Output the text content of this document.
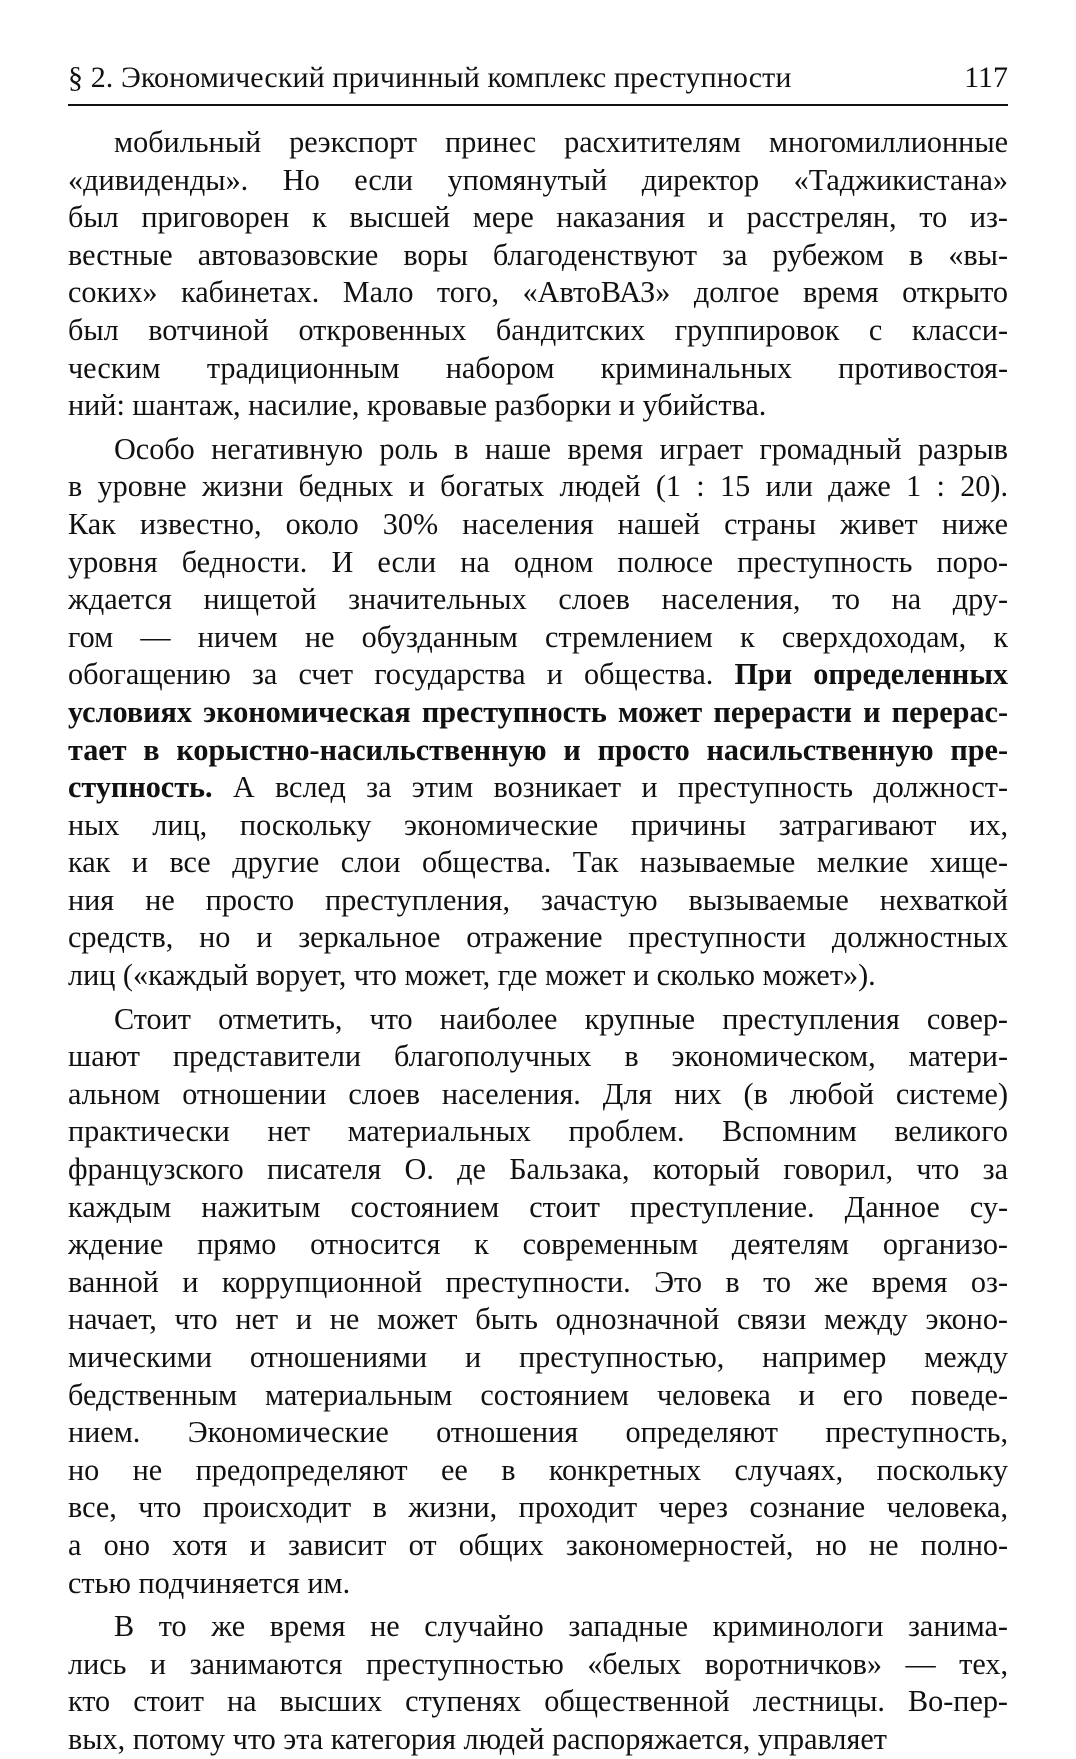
§ 2. Экономический причинный комплекс преступности	117
мобильный реэкспорт принес расхитителям многомиллионные
«дивиденды». Но если упомянутый директор «Таджикистана»
был приговорен к высшей мере наказания и расстрелян, то из-
вестные автовазовские воры благоденствуют за рубежом в «вы-
соких» кабинетах. Мало того, «АвтоВАЗ» долгое время открыто
был вотчиной откровенных бандитских группировок с класси-
ческим традиционным набором криминальных противостоя-
ний: шантаж, насилие, кровавые разборки и убийства.
Особо негативную роль в наше время играет громадный разрыв
в уровне жизни бедных и богатых людей (1 : 15 или даже 1 : 20).
Как известно, около 30% населения нашей страны живет ниже
уровня бедности. И если на одном полюсе преступность поро-
ждается нищетой значительных слоев населения, то на дру-
гом — ничем не обузданным стремлением к сверхдоходам, к
обогащению за счет государства и общества. При определенных
условиях экономическая преступность может перерасти и перерас-
тает в корыстно-насильственную и просто насильственную пре-
ступность. А вслед за этим возникает и преступность должност-
ных лиц, поскольку экономические причины затрагивают их,
как и все другие слои общества. Так называемые мелкие хище-
ния не просто преступления, зачастую вызываемые нехваткой
средств, но и зеркальное отражение преступности должностных
лиц («каждый ворует, что может, где может и сколько может»).
Стоит отметить, что наиболее крупные преступления совер-
шают представители благополучных в экономическом, матери-
альном отношении слоев населения. Для них (в любой системе)
практически нет материальных проблем. Вспомним великого
французского писателя О. де Бальзака, который говорил, что за
каждым нажитым состоянием стоит преступление. Данное су-
ждение прямо относится к современным деятелям организо-
ванной и коррупционной преступности. Это в то же время оз-
начает, что нет и не может быть однозначной связи между эконо-
мическими отношениями и преступностью, например между
бедственным материальным состоянием человека и его поведе-
нием. Экономические отношения определяют преступность,
но не предопределяют ее в конкретных случаях, поскольку
все, что происходит в жизни, проходит через сознание человека,
а оно хотя и зависит от общих закономерностей, но не полно-
стью подчиняется им.
В то же время не случайно западные криминологи занима-
лись и занимаются преступностью «белых воротничков» — тех,
кто стоит на высших ступенях общественной лестницы. Во-пер-
вых, потому что эта категория людей распоряжается, управляет
